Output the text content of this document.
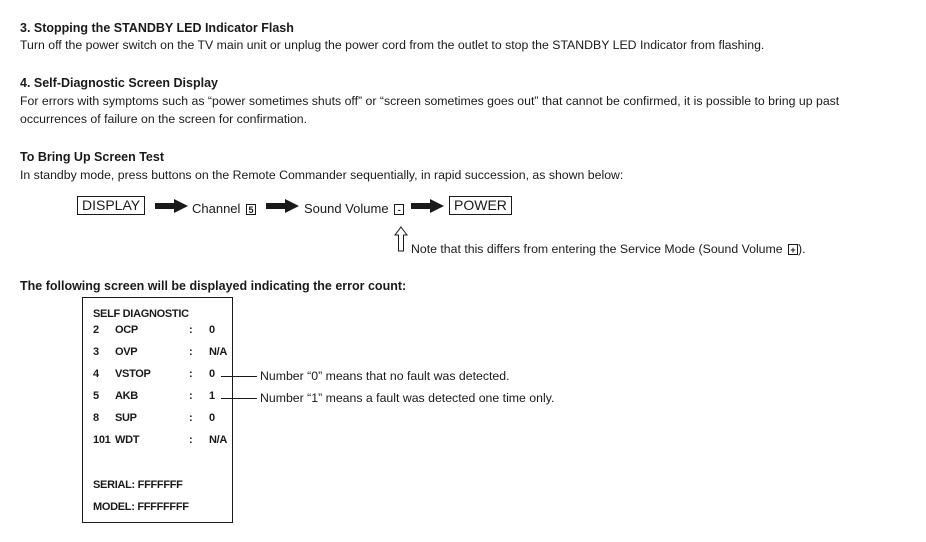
3. Stopping the STANDBY LED Indicator Flash
Turn off the power switch on the TV main unit or unplug the power cord from the outlet to stop the STANDBY LED Indicator from flashing.
4. Self-Diagnostic Screen Display
For errors with symptoms such as “power sometimes shuts off” or “screen sometimes goes out” that cannot be confirmed, it is possible to bring up past
occurrences of failure on the screen for confirmation.
To Bring Up Screen Test
In standby mode, press buttons on the Remote Commander sequentially, in rapid succession, as shown below:
DISPLAY	Channel 5	Sound Volume -	POWER
Note that this differs from entering the Service Mode (Sound Volume + ).
The following screen will be displayed indicating the error count:
SELF DIAGNOSTIC
2 OCP	: 0
3 OVP	: N/A
4 VSTOP	: 0
5 AKB	: 1
8 SUP	: 0
101 WDT	: N/A
SERIAL: FFFFFFF
MODEL: FFFFFFFF
Number “0” means that no fault was detected.
Number “1” means a fault was detected one time only.
